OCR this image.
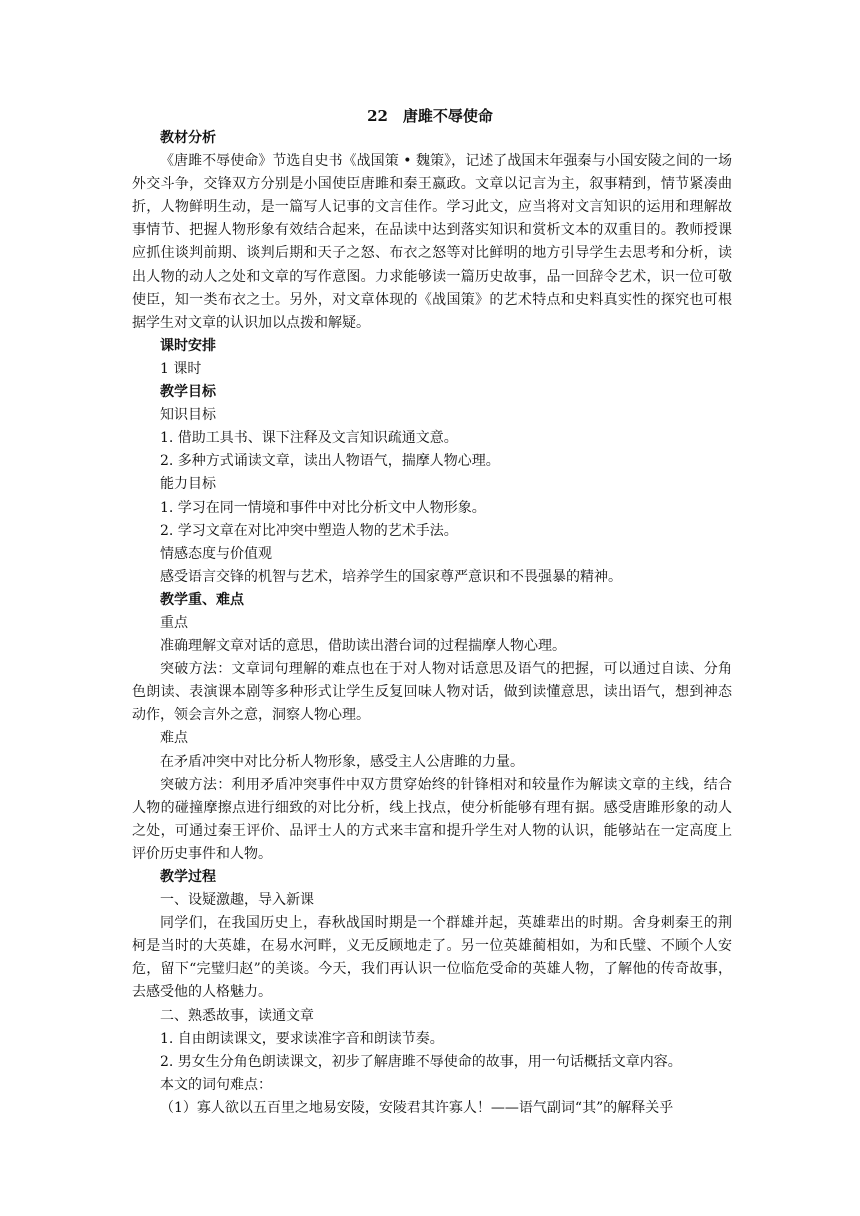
22　唐雎不辱使命

教材分析

《唐雎不辱使命》节选自史书《战国策 • 魏策》，记述了战国末年强秦与小国安陵之间的一场外交斗争，交锋双方分别是小国使臣唐雎和秦王嬴政。文章以记言为主，叙事精到，情节紧凑曲折，人物鲜明生动，是一篇写人记事的文言佳作。学习此文，应当将对文言知识的运用和理解故事情节、把握人物形象有效结合起来，在品读中达到落实知识和赏析文本的双重目的。教师授课应抓住谈判前期、谈判后期和天子之怒、布衣之怒等对比鲜明的地方引导学生去思考和分析，读出人物的动人之处和文章的写作意图。力求能够读一篇历史故事，品一回辞令艺术，识一位可敬使臣，知一类布衣之士。另外，对文章体现的《战国策》的艺术特点和史料真实性的探究也可根据学生对文章的认识加以点拨和解疑。

课时安排

1 课时

教学目标

知识目标

1. 借助工具书、课下注释及文言知识疏通文意。

2. 多种方式诵读文章，读出人物语气，揣摩人物心理。

能力目标

1. 学习在同一情境和事件中对比分析文中人物形象。

2. 学习文章在对比冲突中塑造人物的艺术手法。

情感态度与价值观

感受语言交锋的机智与艺术，培养学生的国家尊严意识和不畏强暴的精神。

教学重、难点

重点

准确理解文章对话的意思，借助读出潜台词的过程揣摩人物心理。

突破方法：文章词句理解的难点也在于对人物对话意思及语气的把握，可以通过自读、分角色朗读、表演课本剧等多种形式让学生反复回味人物对话，做到读懂意思，读出语气，想到神态动作，领会言外之意，洞察人物心理。

难点

在矛盾冲突中对比分析人物形象，感受主人公唐雎的力量。

突破方法：利用矛盾冲突事件中双方贯穿始终的针锋相对和较量作为解读文章的主线，结合人物的碰撞摩擦点进行细致的对比分析，线上找点，使分析能够有理有据。感受唐雎形象的动人之处，可通过秦王评价、品评士人的方式来丰富和提升学生对人物的认识，能够站在一定高度上评价历史事件和人物。

教学过程

一、设疑激趣，导入新课

同学们，在我国历史上，春秋战国时期是一个群雄并起，英雄辈出的时期。舍身刺秦王的荆柯是当时的大英雄，在易水河畔，义无反顾地走了。另一位英雄蔺相如，为和氏璧、不顾个人安危，留下“完璧归赵”的美谈。今天，我们再认识一位临危受命的英雄人物，了解他的传奇故事，去感受他的人格魅力。

二、熟悉故事，读通文章

1. 自由朗读课文，要求读准字音和朗读节奏。

2. 男女生分角色朗读课文，初步了解唐雎不辱使命的故事，用一句话概括文章内容。

本文的词句难点：

（1）寡人欲以五百里之地易安陵，安陵君其许寡人！——语气副词“其”的解释关乎
